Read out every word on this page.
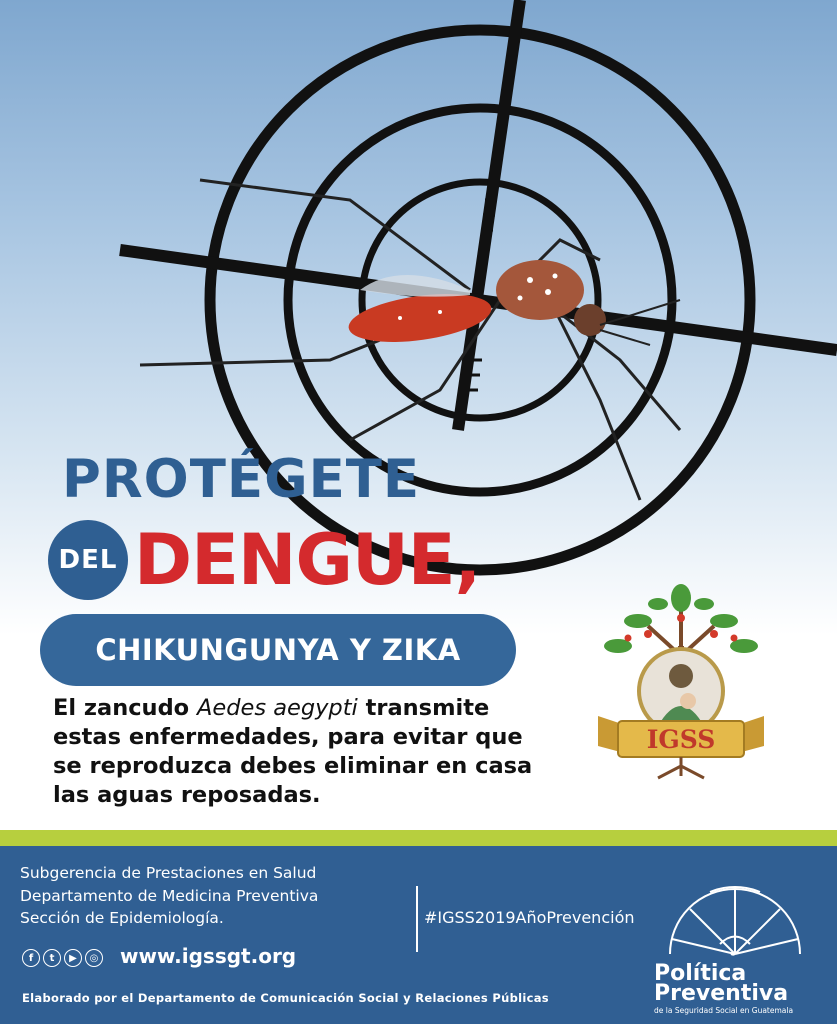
PROTÉGETE
DEL DENGUE,
CHIKUNGUNYA Y ZIKA
El zancudo Aedes aegypti transmite estas enfermedades, para evitar que se reproduzca debes eliminar en casa las aguas reposadas.
IGSS
Subgerencia de Prestaciones en Salud
Departamento de Medicina Preventiva
Sección de Epidemiología.	#IGSS2019AñoPrevención
f	t	▶	◎ www.igssgt.org
Elaborado por el Departamento de Comunicación Social y Relaciones Públicas
Política
Preventiva
de la Seguridad Social en Guatemala
